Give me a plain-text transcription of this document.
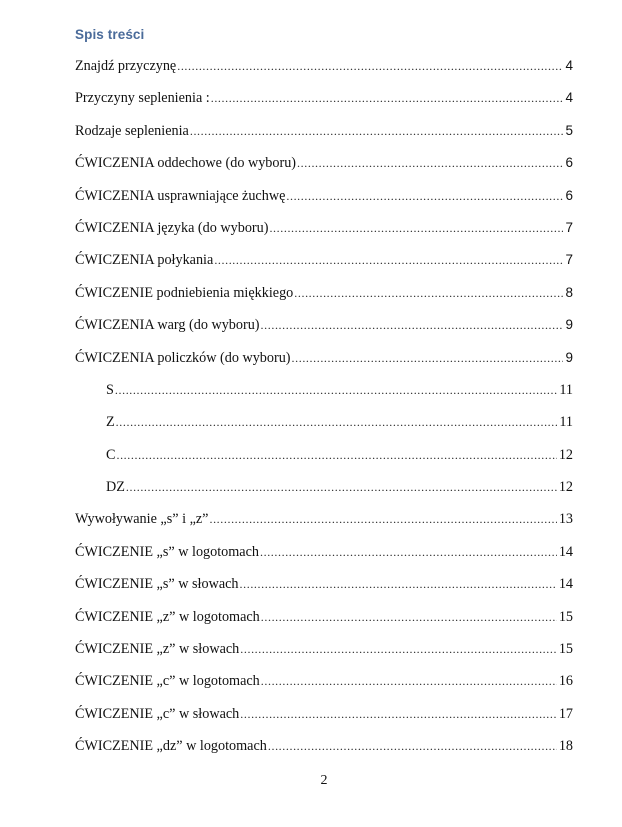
Spis treści
Znajdź przyczynę .....	4
Przyczyny seplenienia : .....	4
Rodzaje seplenienia .....	5
ĆWICZENIA oddechowe (do wyboru) .....	6
ĆWICZENIA usprawniające żuchwę .....	6
ĆWICZENIA języka (do wyboru) .....	7
ĆWICZENIA połykania .....	7
ĆWICZENIE podniebienia miękkiego .....	8
ĆWICZENIA warg (do wyboru) .....	9
ĆWICZENIA policzków (do wyboru) .....	9
S .....	11
Z .....	11
C .....	12
DZ .....	12
Wywoływanie „s” i „z” .....	13
ĆWICZENIE „s” w logotomach .....	14
ĆWICZENIE „s” w słowach .....	14
ĆWICZENIE „z” w logotomach .....	15
ĆWICZENIE „z” w słowach .....	15
ĆWICZENIE „c” w logotomach .....	16
ĆWICZENIE „c” w słowach .....	17
ĆWICZENIE „dz” w logotomach .....	18
2
